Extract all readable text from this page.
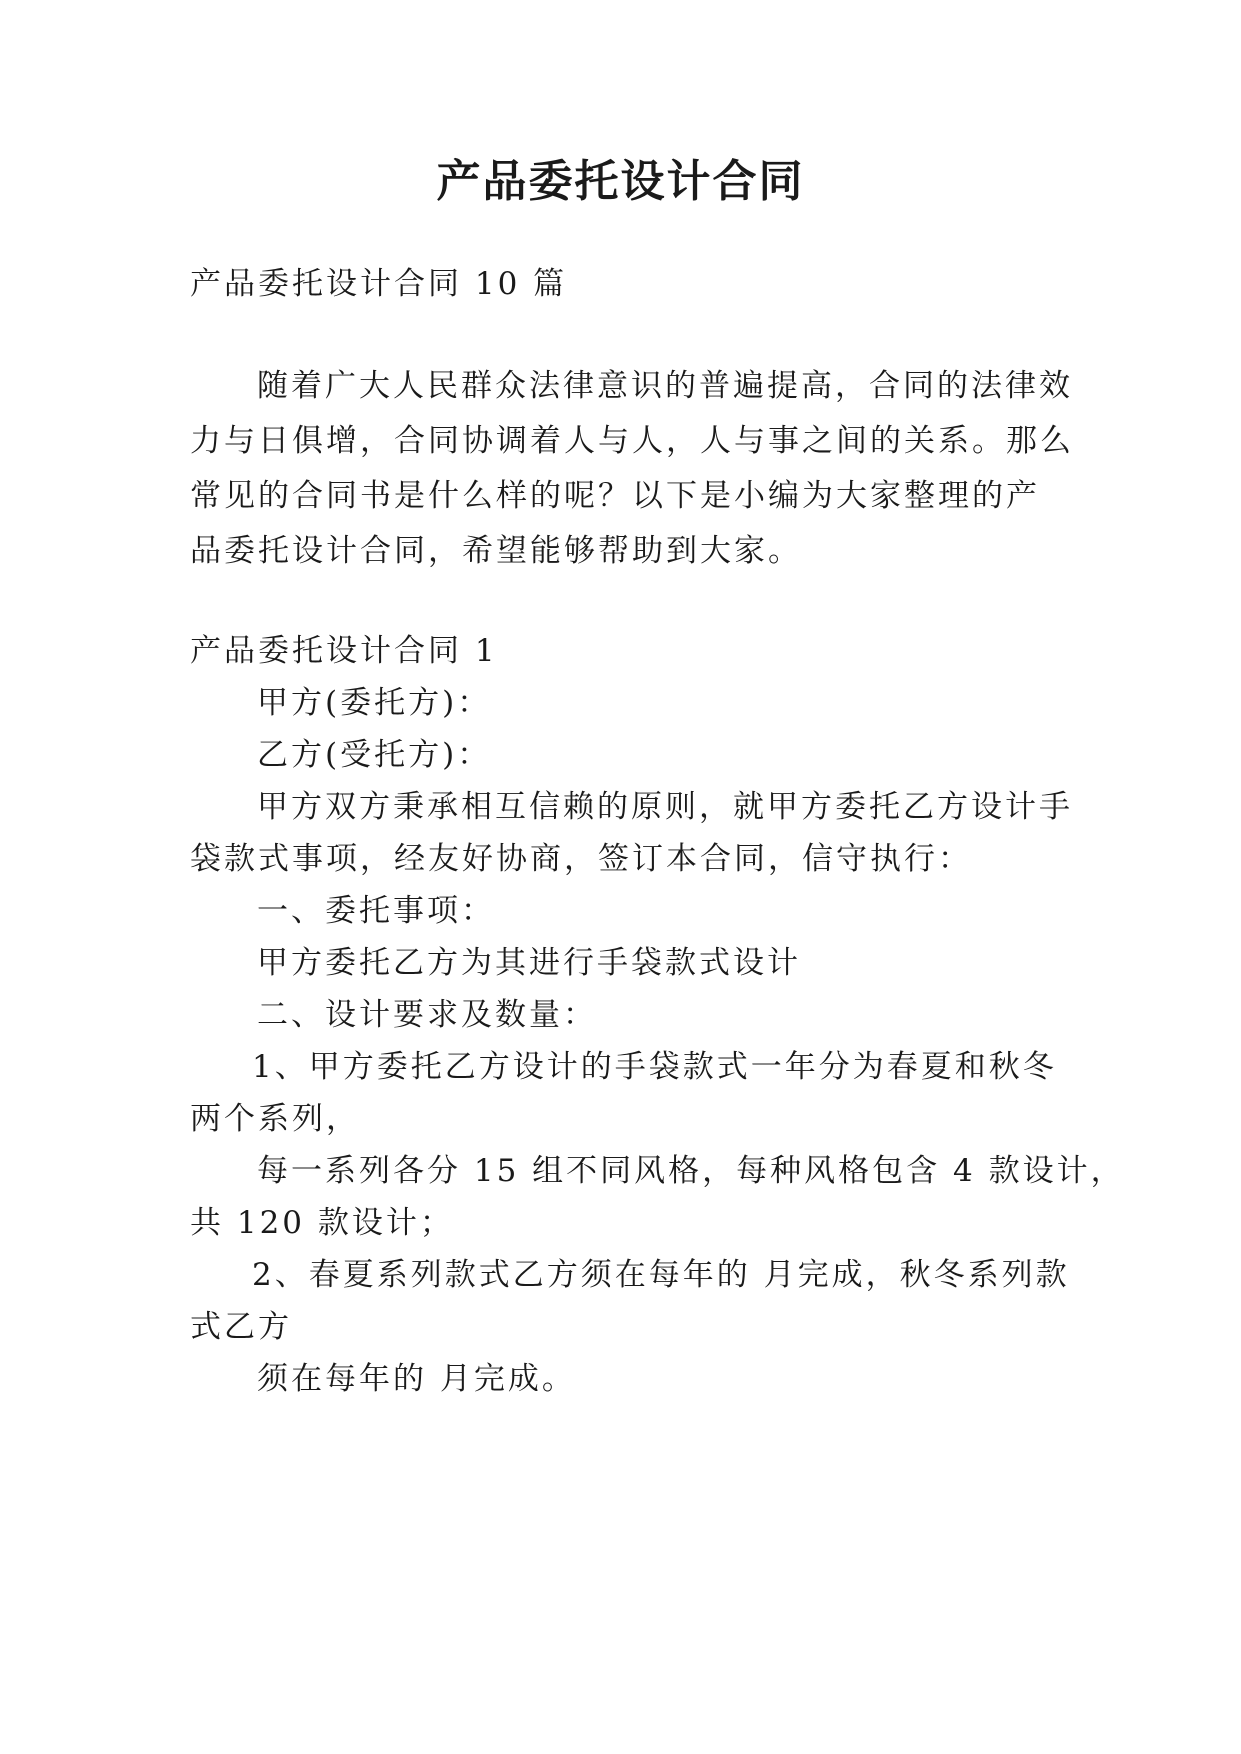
产品委托设计合同
产品委托设计合同 10 篇
随着广大人民群众法律意识的普遍提高，合同的法律效
力与日俱增，合同协调着人与人，人与事之间的关系。那么
常见的合同书是什么样的呢？以下是小编为大家整理的产
品委托设计合同，希望能够帮助到大家。
产品委托设计合同 1
甲方(委托方)：
乙方(受托方)：
甲方双方秉承相互信赖的原则，就甲方委托乙方设计手
袋款式事项，经友好协商，签订本合同，信守执行：
一、委托事项：
甲方委托乙方为其进行手袋款式设计
二、设计要求及数量：
1、甲方委托乙方设计的手袋款式一年分为春夏和秋冬
两个系列，
每一系列各分 15 组不同风格，每种风格包含 4 款设计，
共 120 款设计；
2、春夏系列款式乙方须在每年的 月完成，秋冬系列款
式乙方
须在每年的 月完成。
